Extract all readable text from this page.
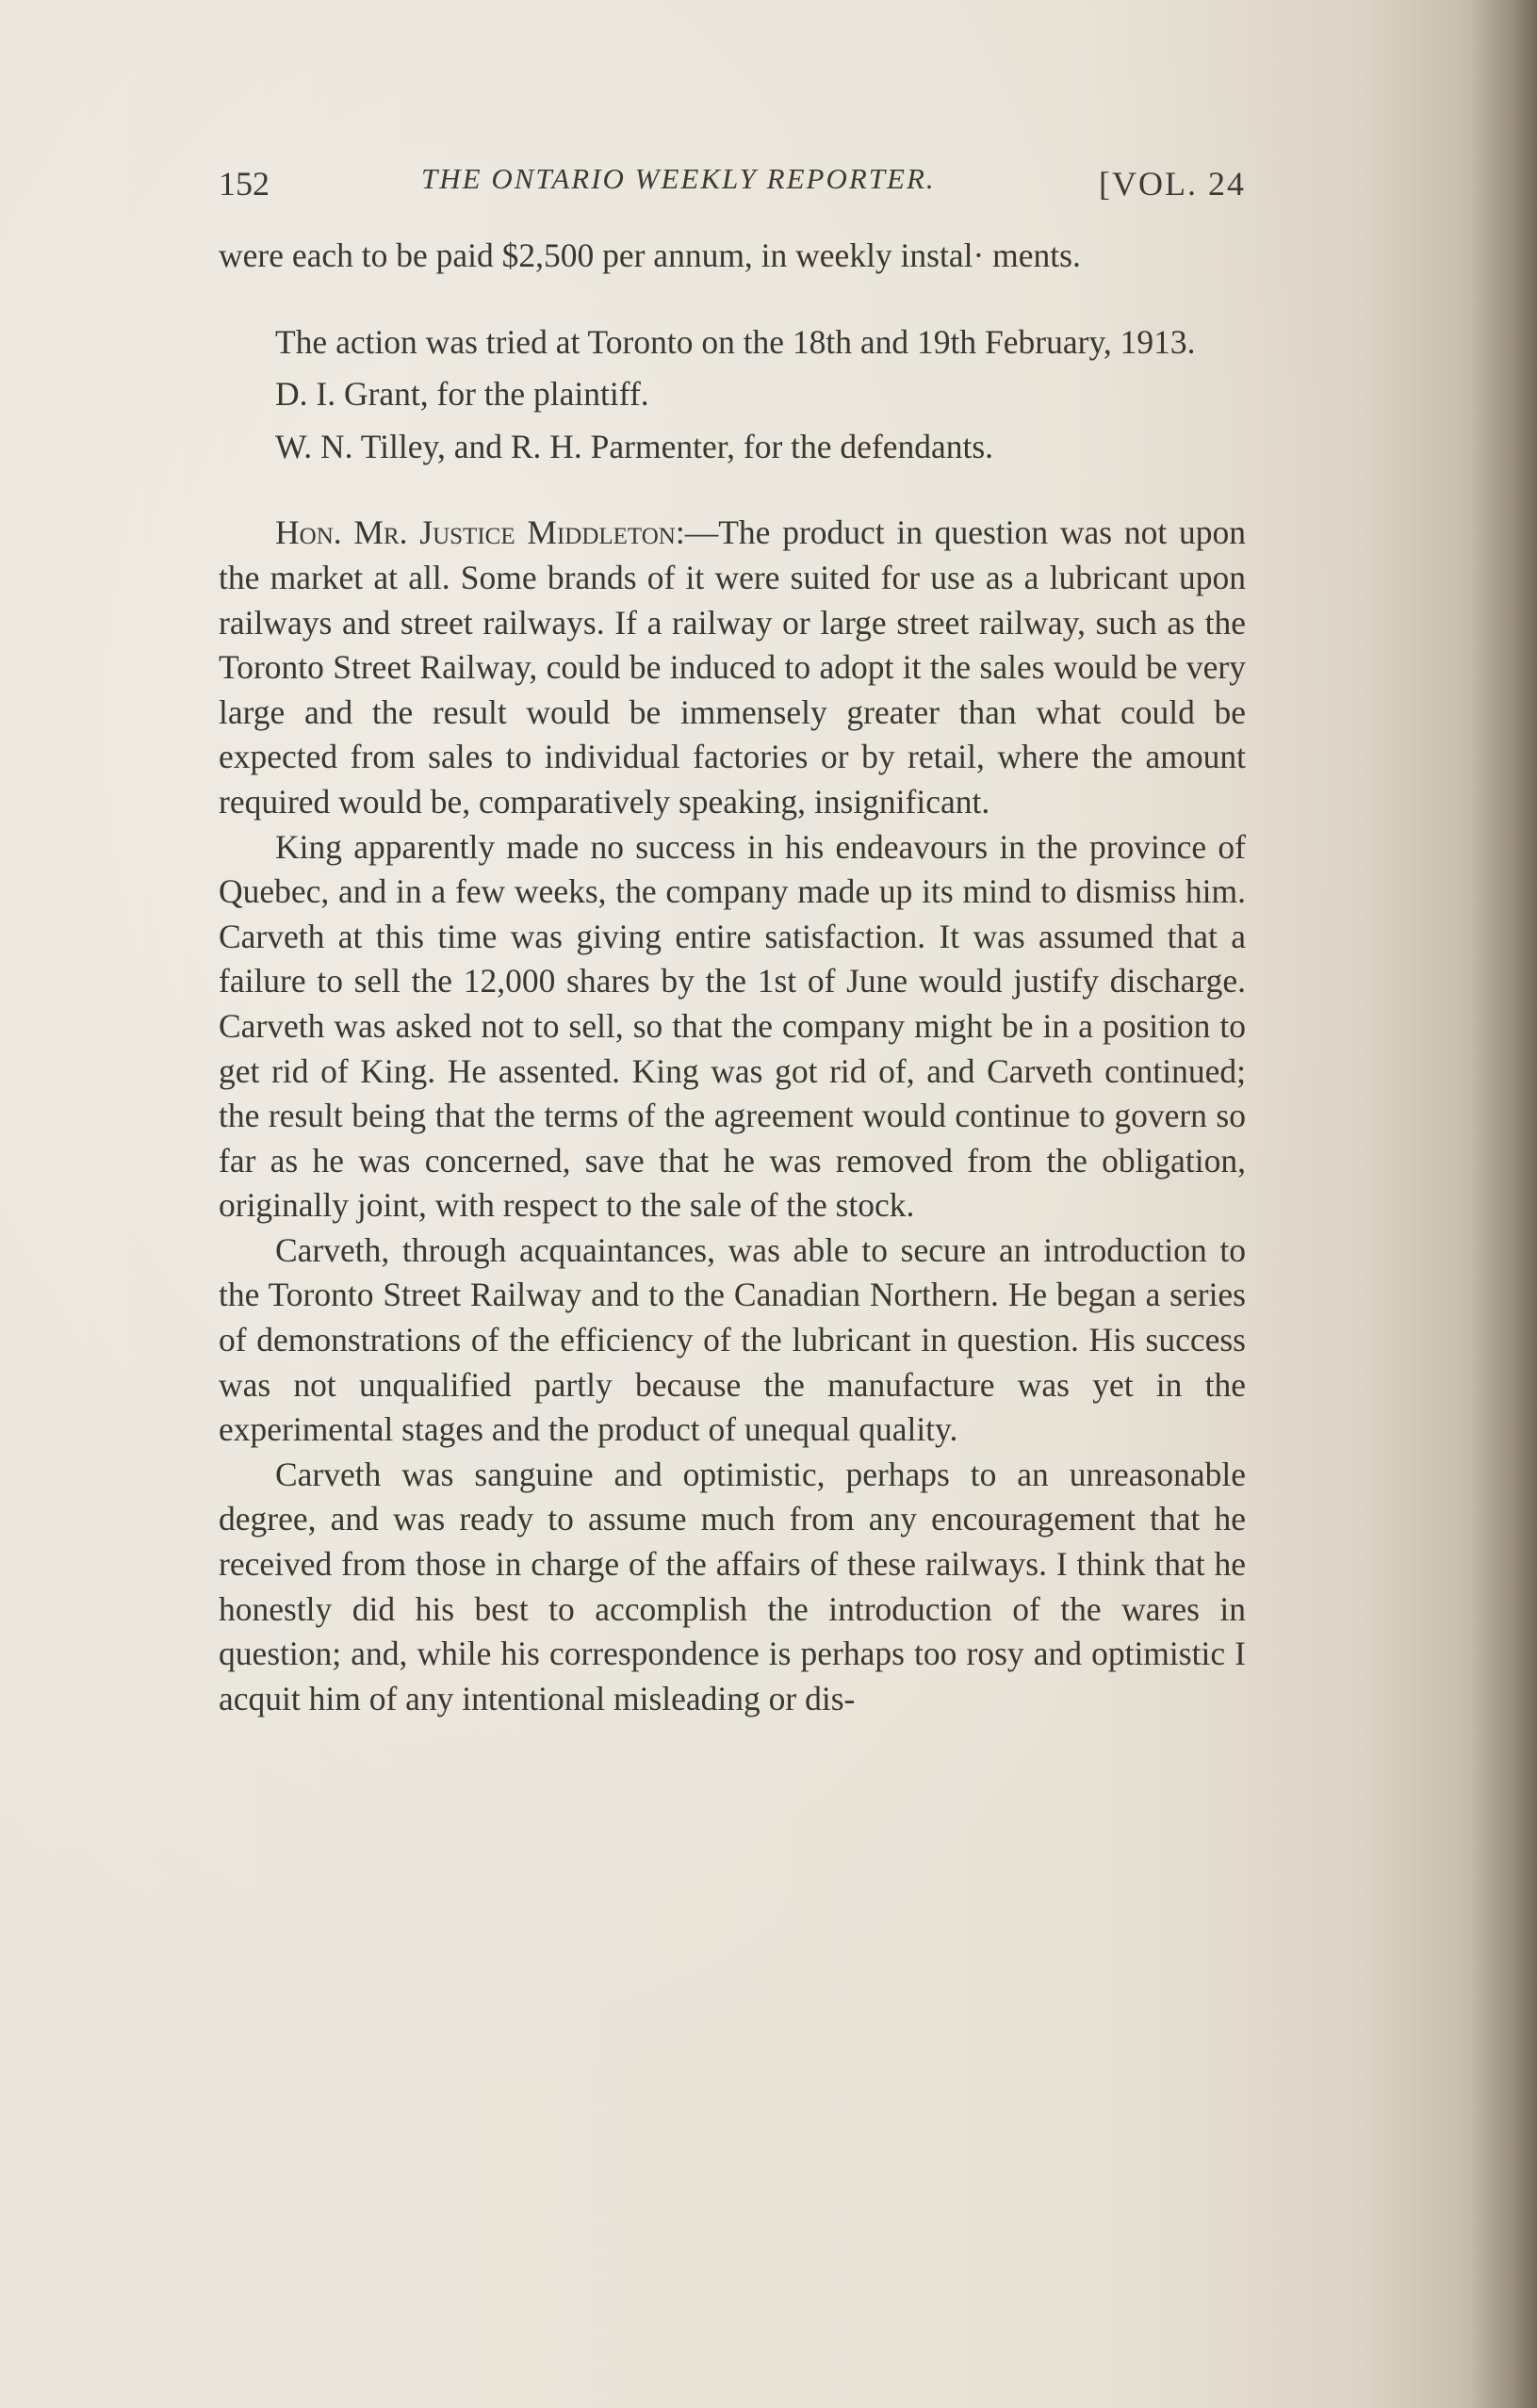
152	THE ONTARIO WEEKLY REPORTER.	[VOL. 24

were each to be paid $2,500 per annum, in weekly instal· ments.

The action was tried at Toronto on the 18th and 19th February, 1913.

D. I. Grant, for the plaintiff.

W. N. Tilley, and R. H. Parmenter, for the defendants.

Hon. Mr. Justice Middleton:—The product in question was not upon the market at all. Some brands of it were suited for use as a lubricant upon railways and street railways. If a railway or large street railway, such as the Toronto Street Railway, could be induced to adopt it the sales would be very large and the result would be immensely greater than what could be expected from sales to individual factories or by retail, where the amount required would be, comparatively speaking, insignificant.

King apparently made no success in his endeavours in the province of Quebec, and in a few weeks, the company made up its mind to dismiss him. Carveth at this time was giving entire satisfaction. It was assumed that a failure to sell the 12,000 shares by the 1st of June would justify discharge. Carveth was asked not to sell, so that the company might be in a position to get rid of King. He assented. King was got rid of, and Carveth continued; the result being that the terms of the agreement would continue to govern so far as he was concerned, save that he was removed from the obligation, originally joint, with respect to the sale of the stock.

Carveth, through acquaintances, was able to secure an introduction to the Toronto Street Railway and to the Canadian Northern. He began a series of demonstrations of the efficiency of the lubricant in question. His success was not unqualified partly because the manufacture was yet in the experimental stages and the product of unequal quality.

Carveth was sanguine and optimistic, perhaps to an unreasonable degree, and was ready to assume much from any encouragement that he received from those in charge of the affairs of these railways. I think that he honestly did his best to accomplish the introduction of the wares in question; and, while his correspondence is perhaps too rosy and optimistic I acquit him of any intentional misleading or dis-
